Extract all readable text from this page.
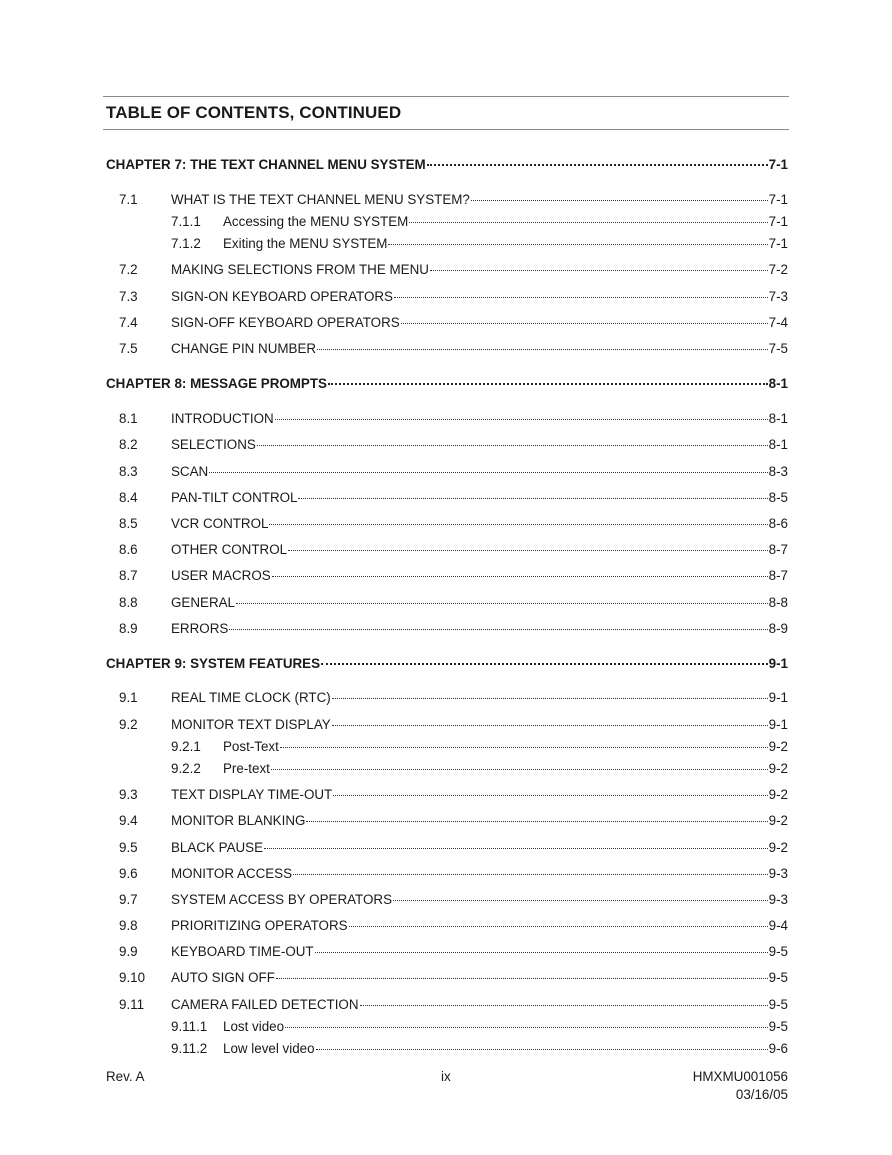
TABLE OF CONTENTS, CONTINUED
CHAPTER 7: THE TEXT CHANNEL MENU SYSTEM	7-1
7.1 WHAT IS THE TEXT CHANNEL MENU SYSTEM?	7-1
7.1.1 Accessing the MENU SYSTEM	7-1
7.1.2 Exiting the MENU SYSTEM	7-1
7.2 MAKING SELECTIONS FROM THE MENU	7-2
7.3 SIGN-ON KEYBOARD OPERATORS	7-3
7.4 SIGN-OFF KEYBOARD OPERATORS	7-4
7.5 CHANGE PIN NUMBER	7-5
CHAPTER 8: MESSAGE PROMPTS	8-1
8.1 INTRODUCTION	8-1
8.2 SELECTIONS	8-1
8.3 SCAN	8-3
8.4 PAN-TILT CONTROL	8-5
8.5 VCR CONTROL	8-6
8.6 OTHER CONTROL	8-7
8.7 USER MACROS	8-7
8.8 GENERAL	8-8
8.9 ERRORS	8-9
CHAPTER 9: SYSTEM FEATURES	9-1
9.1 REAL TIME CLOCK (RTC)	9-1
9.2 MONITOR TEXT DISPLAY	9-1
9.2.1 Post-Text	9-2
9.2.2 Pre-text	9-2
9.3 TEXT DISPLAY TIME-OUT	9-2
9.4 MONITOR BLANKING	9-2
9.5 BLACK PAUSE	9-2
9.6 MONITOR ACCESS	9-3
9.7 SYSTEM ACCESS BY OPERATORS	9-3
9.8 PRIORITIZING OPERATORS	9-4
9.9 KEYBOARD TIME-OUT	9-5
9.10 AUTO SIGN OFF	9-5
9.11 CAMERA FAILED DETECTION	9-5
9.11.1 Lost video	9-5
9.11.2 Low level video	9-6
Rev. A	ix	HMXMU001056
03/16/05
